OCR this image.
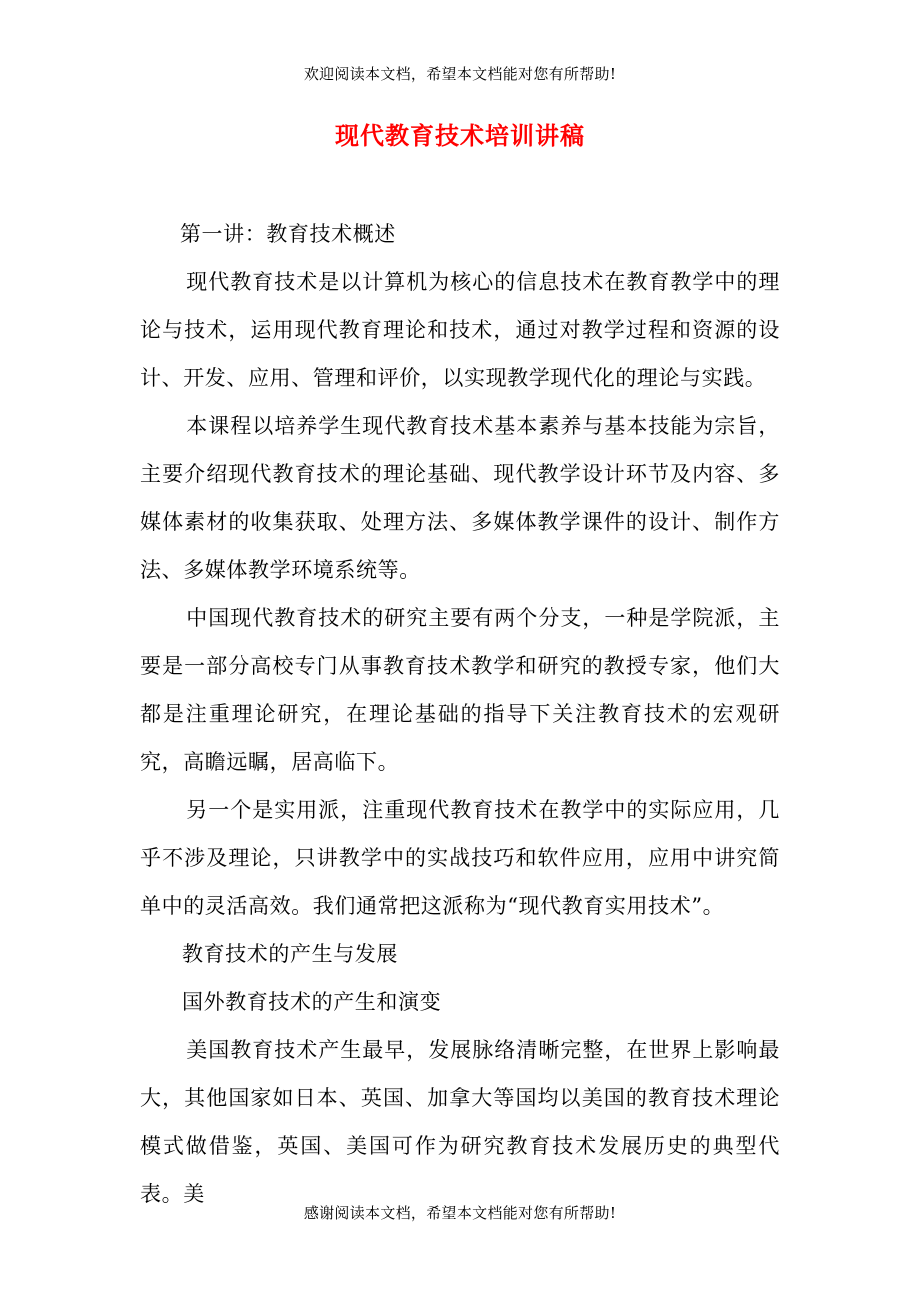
欢迎阅读本文档，希望本文档能对您有所帮助!
现代教育技术培训讲稿

第一讲：教育技术概述

现代教育技术是以计算机为核心的信息技术在教育教学中的理论与技术，运用现代教育理论和技术，通过对教学过程和资源的设计、开发、应用、管理和评价，以实现教学现代化的理论与实践。

本课程以培养学生现代教育技术基本素养与基本技能为宗旨，主要介绍现代教育技术的理论基础、现代教学设计环节及内容、多媒体素材的收集获取、处理方法、多媒体教学课件的设计、制作方法、多媒体教学环境系统等。

中国现代教育技术的研究主要有两个分支，一种是学院派，主要是一部分高校专门从事教育技术教学和研究的教授专家，他们大都是注重理论研究，在理论基础的指导下关注教育技术的宏观研究，高瞻远瞩，居高临下。

另一个是实用派，注重现代教育技术在教学中的实际应用，几乎不涉及理论，只讲教学中的实战技巧和软件应用，应用中讲究简单中的灵活高效。我们通常把这派称为“现代教育实用技术”。

教育技术的产生与发展

国外教育技术的产生和演变

美国教育技术产生最早，发展脉络清晰完整，在世界上影响最大，其他国家如日本、英国、加拿大等国均以美国的教育技术理论模式做借鉴，英国、美国可作为研究教育技术发展历史的典型代表。美

感谢阅读本文档，希望本文档能对您有所帮助!
